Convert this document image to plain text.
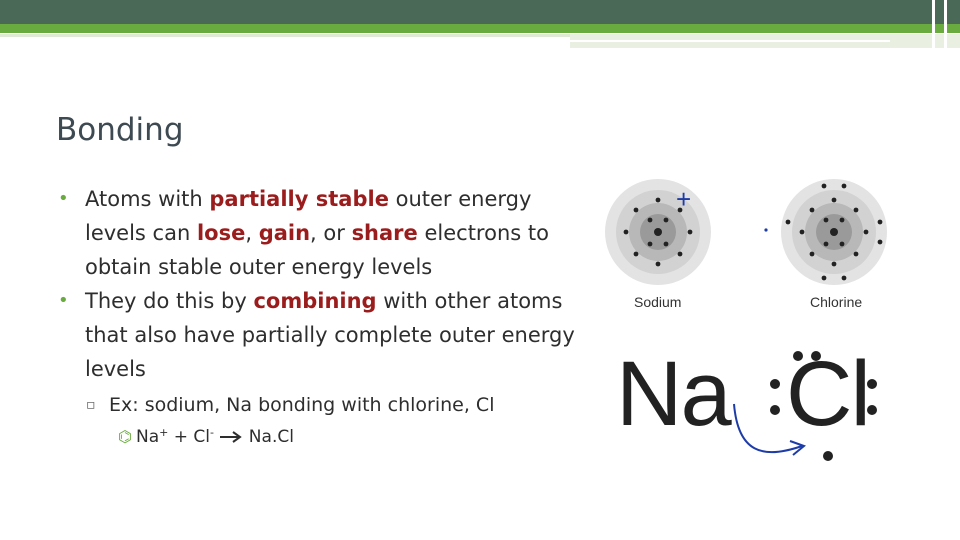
Bonding
• Atoms with partially stable outer energy levels can lose, gain, or share electrons to obtain stable outer energy levels
• They do this by combining with other atoms that also have partially complete outer energy levels
▫ Ex: sodium, Na bonding with chlorine, Cl
⌬ Na+ + Cl-  Na.Cl
+
Sodium	Chlorine
Na Cl
